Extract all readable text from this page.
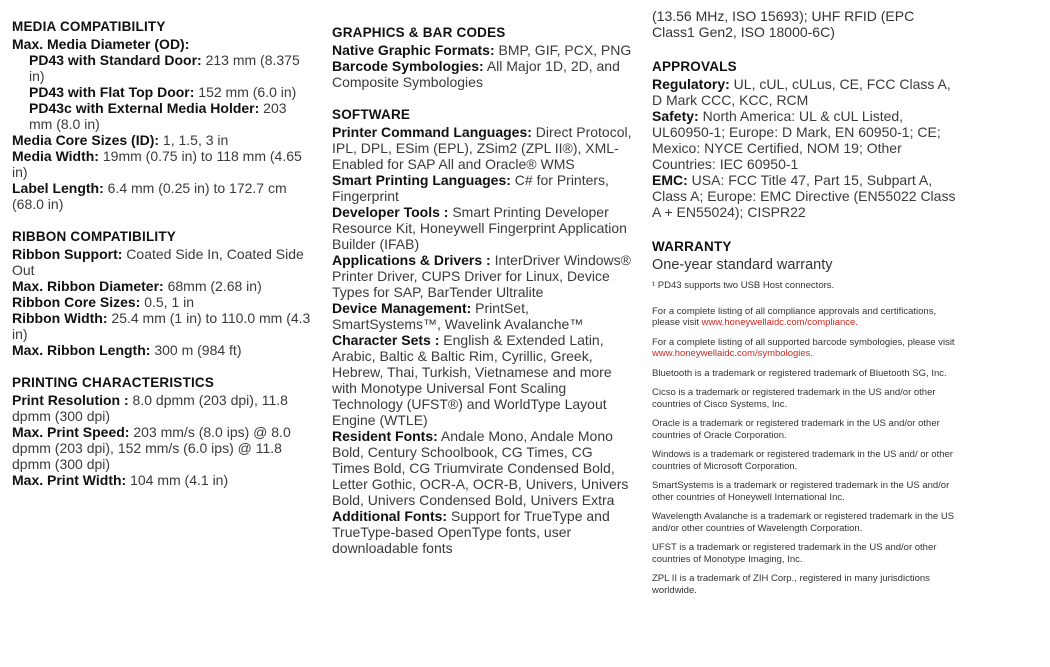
MEDIA COMPATIBILITY

Max. Media Diameter (OD):

PD43 with Standard Door: 213 mm (8.375 in)

PD43 with Flat Top Door: 152 mm (6.0 in)

PD43c with External Media Holder: 203 mm (8.0 in)

Media Core Sizes (ID): 1, 1.5, 3 in

Media Width: 19mm (0.75 in) to 118 mm (4.65 in)

Label Length: 6.4 mm (0.25 in) to 172.7 cm (68.0 in)

RIBBON COMPATIBILITY

Ribbon Support: Coated Side In, Coated Side Out

Max. Ribbon Diameter: 68mm (2.68 in)

Ribbon Core Sizes: 0.5, 1 in

Ribbon Width: 25.4 mm (1 in) to 110.0 mm (4.3 in)

Max. Ribbon Length: 300 m (984 ft)

PRINTING CHARACTERISTICS

Print Resolution : 8.0 dpmm (203 dpi), 11.8 dpmm (300 dpi)

Max. Print Speed: 203 mm/s (8.0 ips) @ 8.0 dpmm (203 dpi), 152 mm/s (6.0 ips) @ 11.8 dpmm (300 dpi)

Max. Print Width: 104 mm (4.1 in)

GRAPHICS & BAR CODES

Native Graphic Formats: BMP, GIF, PCX, PNG

Barcode Symbologies: All Major 1D, 2D, and Composite Symbologies

SOFTWARE

Printer Command Languages: Direct Protocol, IPL, DPL, ESim (EPL), ZSim2 (ZPL II®), XML-Enabled for SAP All and Oracle® WMS

Smart Printing Languages: C# for Printers, Fingerprint

Developer Tools : Smart Printing Developer Resource Kit, Honeywell Fingerprint Application Builder (IFAB)

Applications & Drivers : InterDriver Windows® Printer Driver, CUPS Driver for Linux, Device Types for SAP, BarTender Ultralite

Device Management: PrintSet, SmartSystems™, Wavelink Avalanche™

Character Sets : English & Extended Latin, Arabic, Baltic & Baltic Rim, Cyrillic, Greek, Hebrew, Thai, Turkish, Vietnamese and more with Monotype Universal Font Scaling Technology (UFST®) and WorldType Layout Engine (WTLE)

Resident Fonts: Andale Mono, Andale Mono Bold, Century Schoolbook, CG Times, CG Times Bold, CG Triumvirate Condensed Bold, Letter Gothic, OCR-A, OCR-B, Univers, Univers Bold, Univers Condensed Bold, Univers Extra

Additional Fonts: Support for TrueType and TrueType-based OpenType fonts, user downloadable fonts

(13.56 MHz, ISO 15693); UHF RFID (EPC Class1 Gen2, ISO 18000-6C)

APPROVALS

Regulatory: UL, cUL, cULus, CE, FCC Class A, D Mark CCC, KCC, RCM

Safety: North America: UL & cUL Listed, UL60950-1; Europe: D Mark, EN 60950-1; CE; Mexico: NYCE Certified, NOM 19; Other Countries: IEC 60950-1

EMC: USA: FCC Title 47, Part 15, Subpart A, Class A; Europe: EMC Directive (EN55022 Class A + EN55024); CISPR22

WARRANTY

One-year standard warranty

¹ PD43 supports two USB Host connectors.

For a complete listing of all compliance approvals and certifications, please visit www.honeywellaidc.com/compliance.

For a complete listing of all supported barcode symbologies, please visit www.honeywellaidc.com/symbologies.

Bluetooth is a trademark or registered trademark of Bluetooth SG, Inc.

Cicso is a trademark or registered trademark in the US and/or other countries of Cisco Systems, Inc.

Oracle is a trademark or registered trademark in the US and/or other countries of Oracle Corporation.

Windows is a trademark or registered trademark in the US and/ or other countries of Microsoft Corporation.

SmartSystems is a trademark or registered trademark in the US and/or other countries of Honeywell International Inc.

Wavelength Avalanche is a trademark or registered trademark in the US and/or other countries of Wavelength Corporation.

UFST is a trademark or registered trademark in the US and/or other countries of Monotype Imaging, Inc.

ZPL II is a trademark of ZIH Corp., registered in many jurisdictions worldwide.
